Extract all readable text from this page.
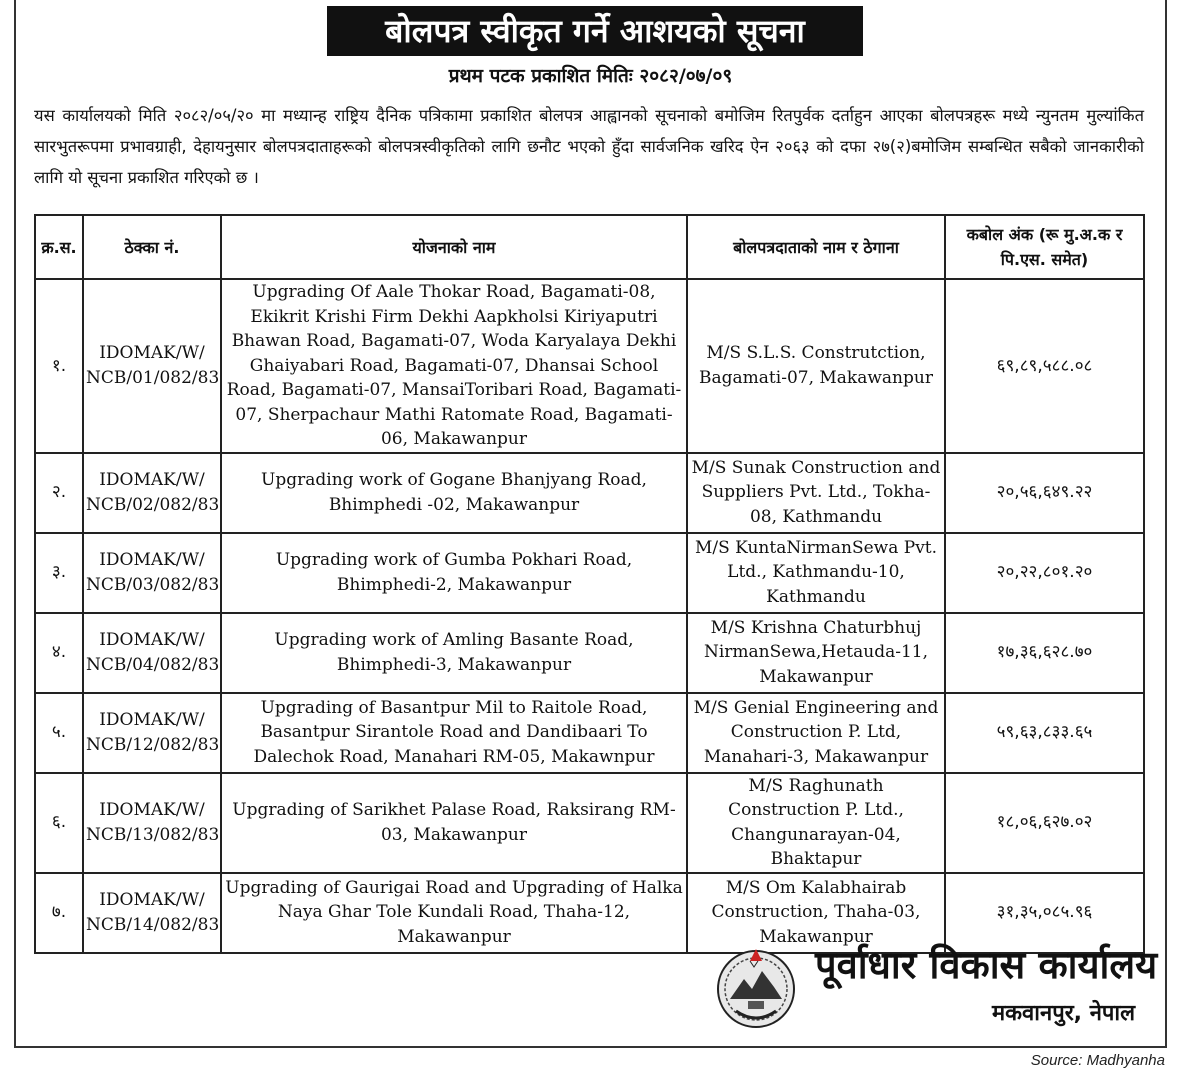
बोलपत्र स्वीकृत गर्ने आशयको सूचना
प्रथम पटक प्रकाशित मितिः २०८२/०७/०९
यस कार्यालयको मिति २०८२/०५/२० मा मध्यान्ह राष्ट्रिय दैनिक पत्रिकामा प्रकाशित बोलपत्र आह्वानको सूचनाको बमोजिम रितपुर्वक दर्ताहुन आएका बोलपत्रहरू मध्ये न्युनतम मुल्यांकित सारभुतरूपमा प्रभावग्राही, देहायनुसार बोलपत्रदाताहरूको बोलपत्रस्वीकृतिको लागि छनौट भएको हुँदा सार्वजनिक खरिद ऐन २०६३ को दफा २७(२)बमोजिम सम्बन्धित सबैको जानकारीको लागि यो सूचना प्रकाशित गरिएको छ ।
क्र.स.	ठेक्का नं.	योजनाको नाम	बोलपत्रदाताको नाम र ठेगाना	कबोल अंक (रू मु.अ.क र पि.एस. समेत)
१.	IDOMAK/W/ NCB/01/082/83	Upgrading Of Aale Thokar Road, Bagamati-08, Ekikrit Krishi Firm Dekhi Aapkholsi Kiriyaputri Bhawan Road, Bagamati-07, Woda Karyalaya Dekhi Ghaiyabari Road, Bagamati-07, Dhansai School Road, Bagamati-07, MansaiToribari Road, Bagamati-07, Sherpachaur Mathi Ratomate Road, Bagamati-06, Makawanpur	M/S S.L.S. Construtction, Bagamati-07, Makawanpur	६९,८९,५८८.०८
२.	IDOMAK/W/ NCB/02/082/83	Upgrading work of Gogane Bhanjyang Road, Bhimphedi -02, Makawanpur	M/S Sunak Construction and Suppliers Pvt. Ltd., Tokha-08, Kathmandu	२०,५६,६४९.२२
३.	IDOMAK/W/ NCB/03/082/83	Upgrading work of Gumba Pokhari Road, Bhimphedi-2, Makawanpur	M/S KuntaNirmanSewa Pvt. Ltd., Kathmandu-10, Kathmandu	२०,२२,८०१.२०
४.	IDOMAK/W/ NCB/04/082/83	Upgrading work of Amling Basante Road, Bhimphedi-3, Makawanpur	M/S Krishna Chaturbhuj NirmanSewa,Hetauda-11, Makawanpur	१७,३६,६२८.७०
५.	IDOMAK/W/ NCB/12/082/83	Upgrading of Basantpur Mil to Raitole Road, Basantpur Sirantole Road and Dandibaari To Dalechok Road, Manahari RM-05, Makawnpur	M/S Genial Engineering and Construction P. Ltd, Manahari-3, Makawanpur	५९,६३,८३३.६५
६.	IDOMAK/W/ NCB/13/082/83	Upgrading of Sarikhet Palase Road, Raksirang RM-03, Makawanpur	M/S Raghunath Construction P. Ltd., Changunarayan-04, Bhaktapur	१८,०६,६२७.०२
७.	IDOMAK/W/ NCB/14/082/83	Upgrading of Gaurigai Road and Upgrading of Halka Naya Ghar Tole Kundali Road, Thaha-12, Makawanpur	M/S Om Kalabhairab Construction, Thaha-03, Makawanpur	३१,३५,०८५.९६
पूर्वाधार विकास कार्यालय
मकवानपुर, नेपाल
Source: Madhyanha
